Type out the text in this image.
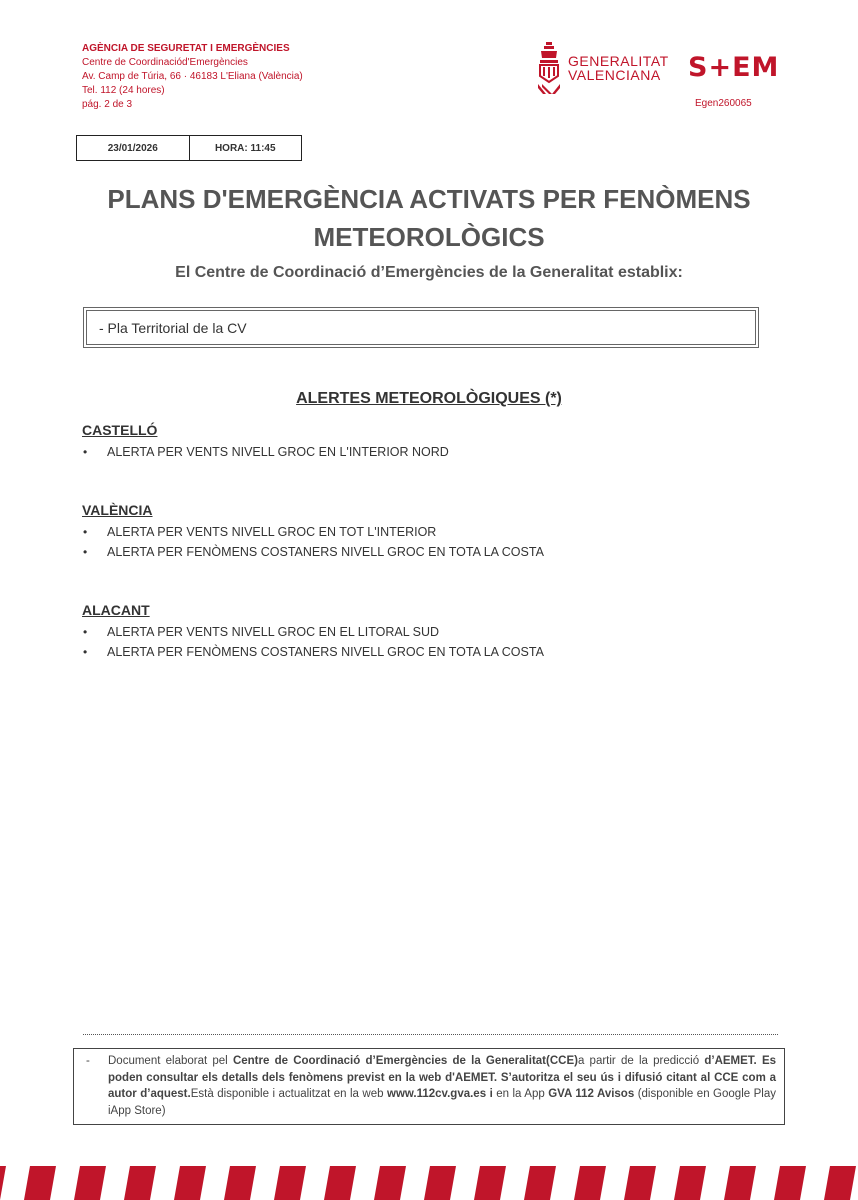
AGÈNCIA DE SEGURETAT I EMERGÈNCIES
Centre de Coordinaciód'Emergències
Av. Camp de Túria, 66 · 46183 L'Eliana (València)
Tel. 112 (24 hores)
pág. 2 de 3
GENERALITAT
VALENCIANA S+EM
Egen260065
23/01/2026	HORA: 11:45
PLANS D'EMERGÈNCIA ACTIVATS PER FENÒMENS
METEOROLÒGICS
El Centre de Coordinació d’Emergències de la Generalitat establix:
- Pla Territorial de la CV
ALERTES METEOROLÒGIQUES (*)
CASTELLÓ
• ALERTA PER VENTS NIVELL GROC EN L'INTERIOR NORD
VALÈNCIA
• ALERTA PER VENTS NIVELL GROC EN TOT L'INTERIOR
• ALERTA PER FENÒMENS COSTANERS NIVELL GROC EN TOTA LA COSTA
ALACANT
• ALERTA PER VENTS NIVELL GROC EN EL LITORAL SUD
• ALERTA PER FENÒMENS COSTANERS NIVELL GROC EN TOTA LA COSTA
-	Document elaborat pel Centre de Coordinació d’Emergències de la Generalitat(CCE)a partir de la predicció d’AEMET. Es poden consultar els detalls dels fenòmens previst en la web d'AEMET. S’autoritza el seu ús i difusió citant al CCE com a autor d’aquest.Està disponible i actualitzat en la web www.112cv.gva.es i en la App GVA 112 Avisos (disponible en Google Play iApp Store)
